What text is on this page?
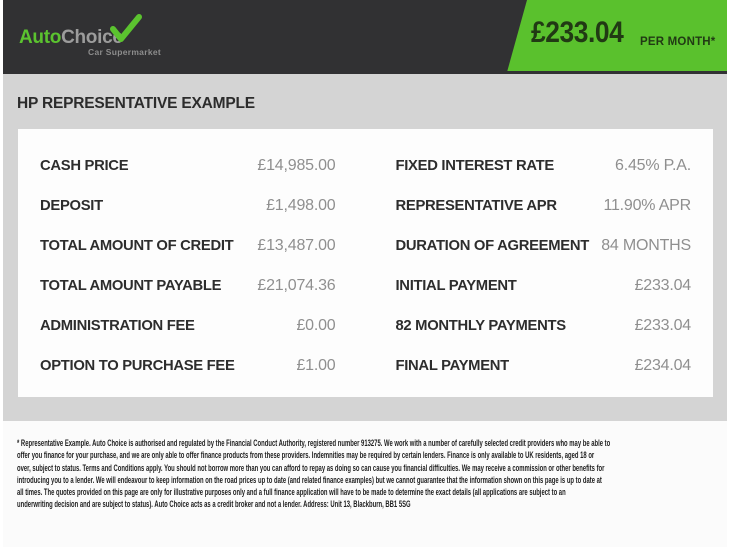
AutoChoice
Car Supermarket
£233.04 PER MONTH*
HP REPRESENTATIVE EXAMPLE
CASH PRICE	£14,985.00
DEPOSIT	£1,498.00
TOTAL AMOUNT OF CREDIT £13,487.00
TOTAL AMOUNT PAYABLE £21,074.36
ADMINISTRATION FEE	£0.00
OPTION TO PURCHASE FEE	£1.00
FIXED INTEREST RATE	6.45% P.A.
REPRESENTATIVE APR	11.90% APR
DURATION OF AGREEMENT 84 MONTHS
INITIAL PAYMENT	£233.04
82 MONTHLY PAYMENTS	£233.04
FINAL PAYMENT	£234.04
* Representative Example. Auto Choice is authorised and regulated by the Financial Conduct Authority, registered number 913275. We work with a number of carefully selected credit providers who may be able to
offer you finance for your purchase, and we are only able to offer finance products from these providers. Indemnities may be required by certain lenders. Finance is only available to UK residents, aged 18 or
over, subject to status. Terms and Conditions apply. You should not borrow more than you can afford to repay as doing so can cause you financial difficulties. We may receive a commission or other benefits for
introducing you to a lender. We will endeavour to keep information on the road prices up to date (and related finance examples) but we cannot guarantee that the information shown on this page is up to date at
all times. The quotes provided on this page are only for illustrative purposes only and a full finance application will have to be made to determine the exact details (all applications are subject to an
underwriting decision and are subject to status). Auto Choice acts as a credit broker and not a lender. Address: Unit 13, Blackburn, BB1 5SG
